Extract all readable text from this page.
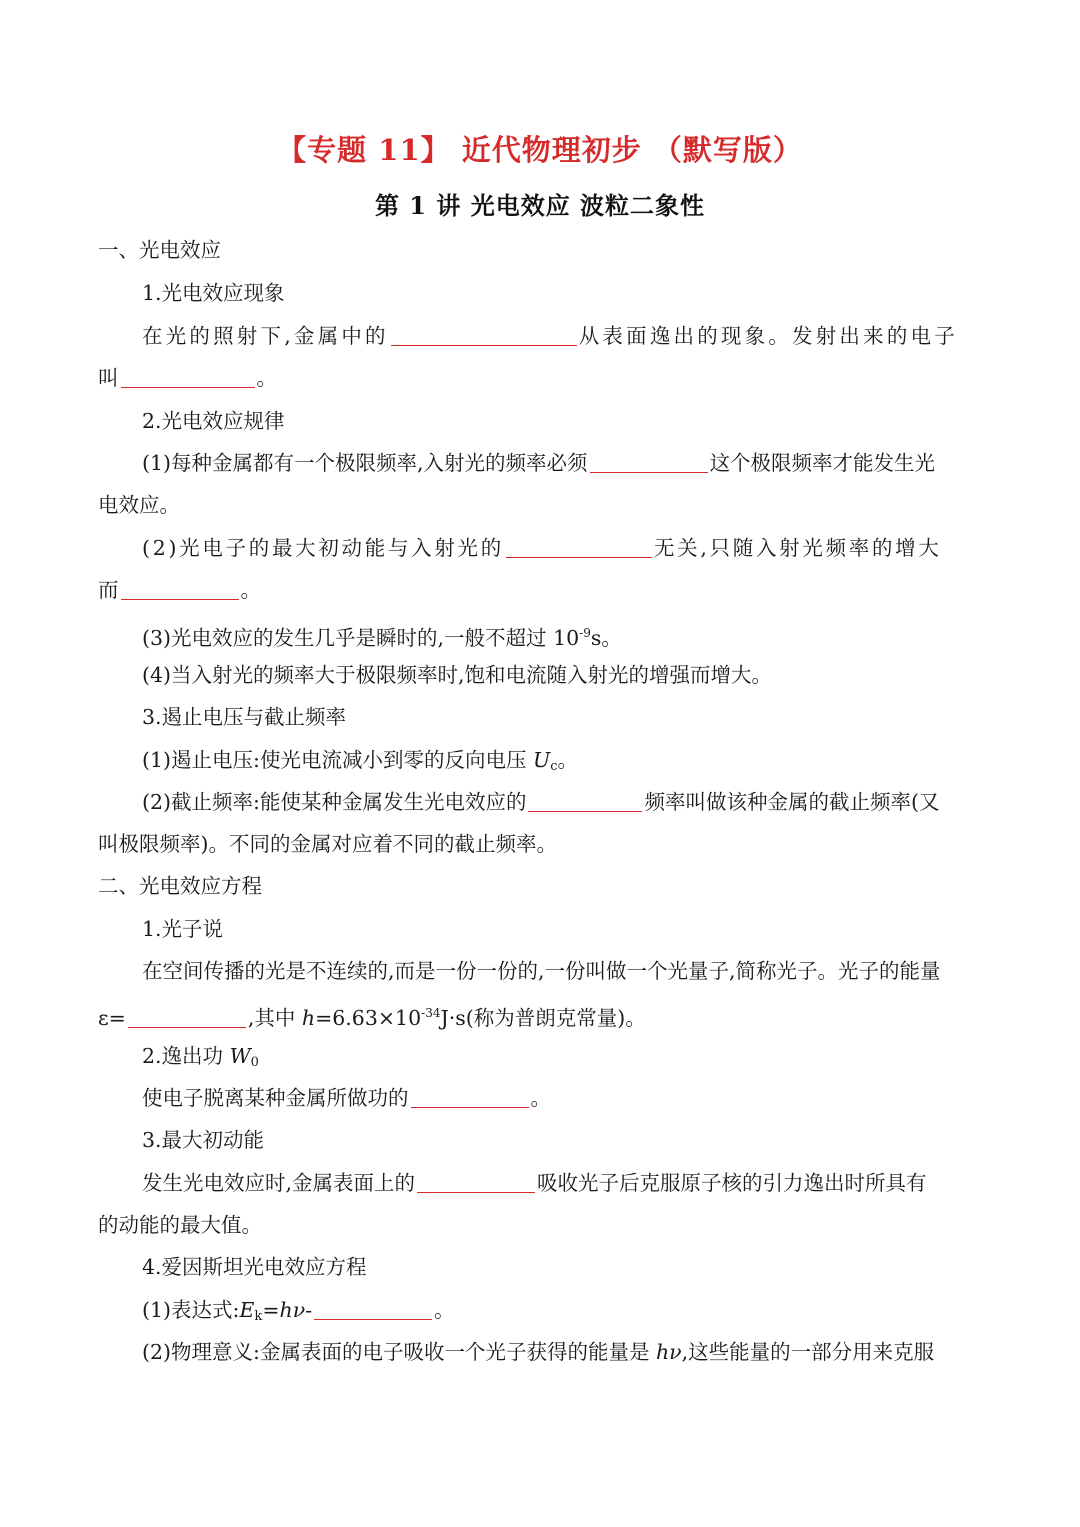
【专题 11】 近代物理初步 （默写版）
第 1 讲 光电效应 波粒二象性
一、光电效应
1.光电效应现象
在光的照射下,金属中的	从表面逸出的现象。发射出来的电子
叫	。
2.光电效应规律
(1)每种金属都有一个极限频率,入射光的频率必须	这个极限频率才能发生光
电效应。
(2)光电子的最大初动能与入射光的	无关,只随入射光频率的增大
而	。
(3)光电效应的发生几乎是瞬时的,一般不超过 $10^{-9}s$。
(4)当入射光的频率大于极限频率时,饱和电流随入射光的增强而增大。
3.遏止电压与截止频率
(1)遏止电压:使光电流减小到零的反向电压 $U_c$。
(2)截止频率:能使某种金属发生光电效应的	频率叫做该种金属的截止频率(又
叫极限频率)。不同的金属对应着不同的截止频率。
二、光电效应方程
1.光子说
在空间传播的光是不连续的,而是一份一份的,一份叫做一个光量子,简称光子。光子的能量
ε=	,其中 $h=6.63\times 10^{-34}J\cdot s$(称为普朗克常量)。
2.逸出功 $W_0$
使电子脱离某种金属所做功的	。
3.最大初动能
发生光电效应时,金属表面上的	吸收光子后克服原子核的引力逸出时所具有
的动能的最大值。
4.爱因斯坦光电效应方程
(1)表达式$:E_k=h\nu-$	。
(2)物理意义:金属表面的电子吸收一个光子获得的能量是 hν,这些能量的一部分用来克服
